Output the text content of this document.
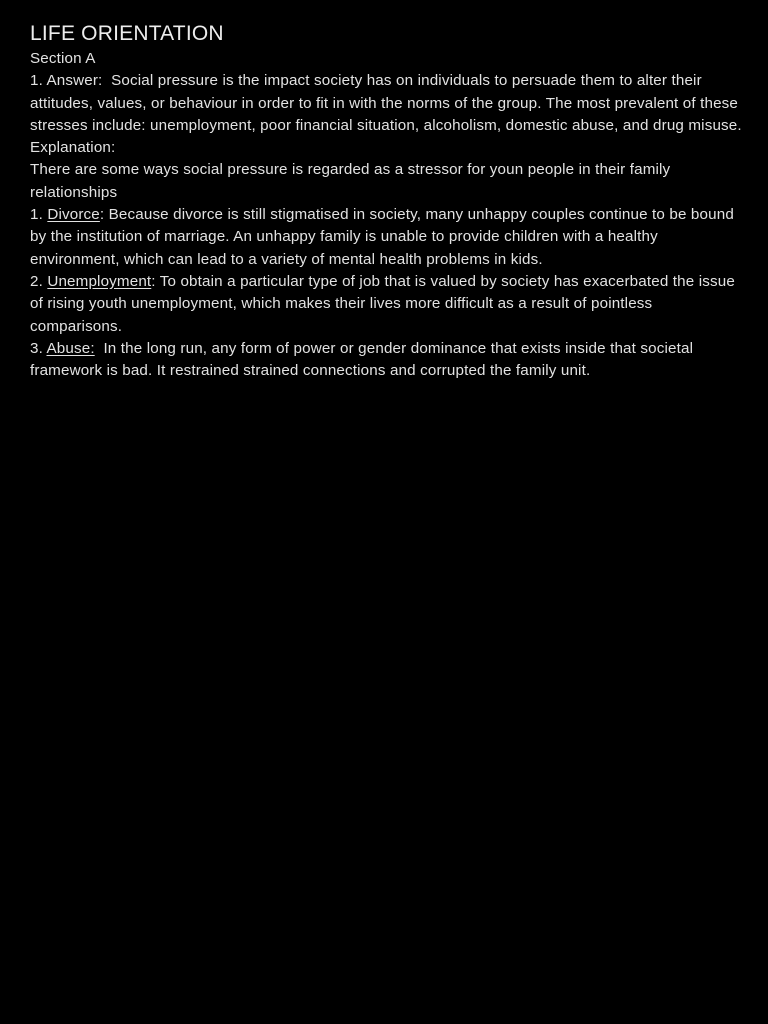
LIFE ORIENTATION
Section A
1. Answer:  Social pressure is the impact society has on individuals to persuade them to alter their attitudes, values, or behaviour in order to fit in with the norms of the group. The most prevalent of these stresses include: unemployment, poor financial situation, alcoholism, domestic abuse, and drug misuse.
Explanation:
There are some ways social pressure is regarded as a stressor for youn people in their family relationships
1. Divorce: Because divorce is still stigmatised in society, many unhappy couples continue to be bound by the institution of marriage. An unhappy family is unable to provide children with a healthy environment, which can lead to a variety of mental health problems in kids.
2. Unemployment: To obtain a particular type of job that is valued by society has exacerbated the issue of rising youth unemployment, which makes their lives more difficult as a result of pointless comparisons.
3. Abuse: In the long run, any form of power or gender dominance that exists inside that societal framework is bad. It restrained strained connections and corrupted the family unit.
